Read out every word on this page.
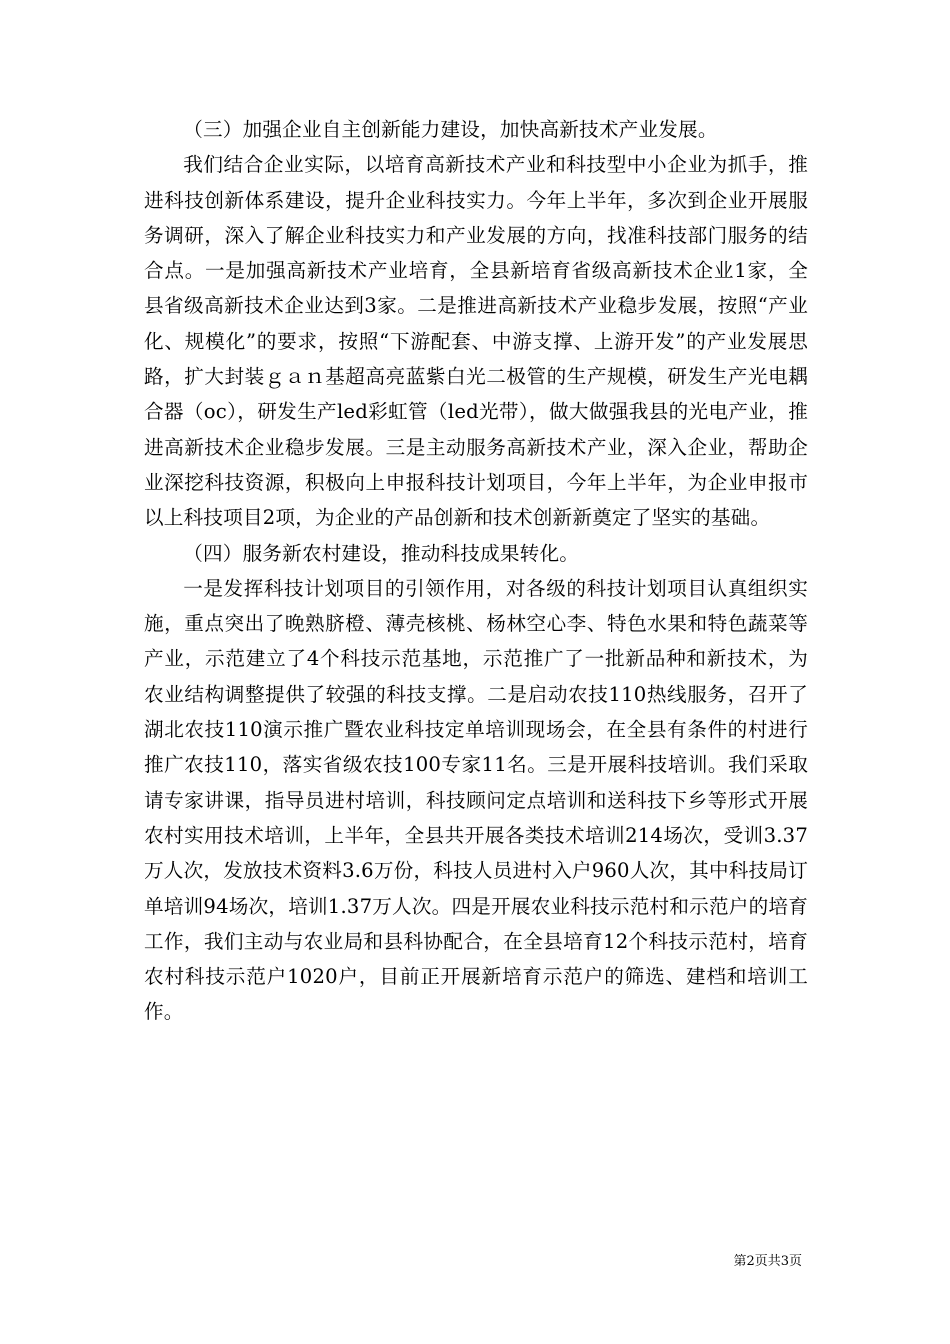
（三）加强企业自主创新能力建设，加快高新技术产业发展。

我们结合企业实际，以培育高新技术产业和科技型中小企业为抓手，推进科技创新体系建设，提升企业科技实力。今年上半年，多次到企业开展服务调研，深入了解企业科技实力和产业发展的方向，找准科技部门服务的结合点。一是加强高新技术产业培育，全县新培育省级高新技术企业1家，全县省级高新技术企业达到3家。二是推进高新技术产业稳步发展，按照“产业化、规模化”的要求，按照“下游配套、中游支撑、上游开发”的产业发展思路，扩大封装ｇａｎ基超高亮蓝紫白光二极管的生产规模，研发生产光电耦合器（oc），研发生产led彩虹管（led光带），做大做强我县的光电产业，推进高新技术企业稳步发展。三是主动服务高新技术产业，深入企业，帮助企业深挖科技资源，积极向上申报科技计划项目，今年上半年，为企业申报市以上科技项目2项，为企业的产品创新和技术创新新奠定了坚实的基础。

（四）服务新农村建设，推动科技成果转化。

一是发挥科技计划项目的引领作用，对各级的科技计划项目认真组织实施，重点突出了晚熟脐橙、薄壳核桃、杨林空心李、特色水果和特色蔬菜等产业，示范建立了4个科技示范基地，示范推广了一批新品种和新技术，为农业结构调整提供了较强的科技支撑。二是启动农技110热线服务，召开了湖北农技110演示推广暨农业科技定单培训现场会，在全县有条件的村进行推广农技110，落实省级农技100专家11名。三是开展科技培训。我们采取请专家讲课，指导员进村培训，科技顾问定点培训和送科技下乡等形式开展农村实用技术培训，上半年，全县共开展各类技术培训214场次，受训3.37万人次，发放技术资料3.6万份，科技人员进村入户960人次，其中科技局订单培训94场次，培训1.37万人次。四是开展农业科技示范村和示范户的培育工作，我们主动与农业局和县科协配合，在全县培育12个科技示范村，培育农村科技示范户1020户，目前正开展新培育示范户的筛选、建档和培训工作。

第2页共3页
